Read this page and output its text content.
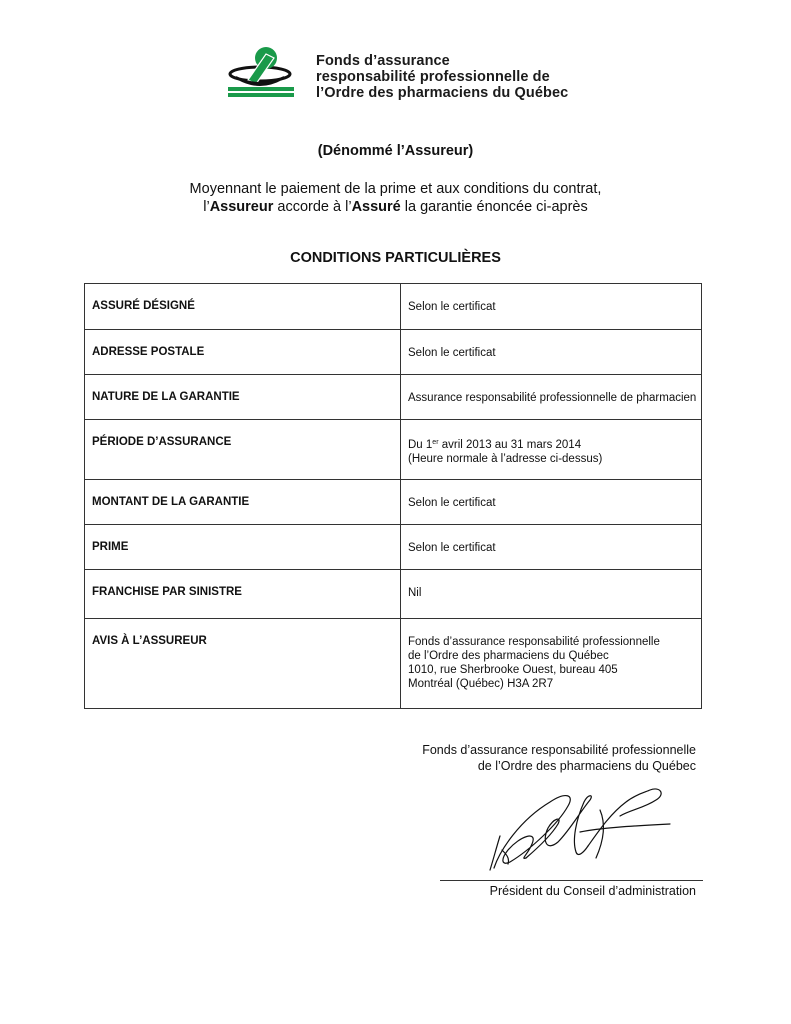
Fonds d’assurance
responsabilité professionnelle de
l’Ordre des pharmaciens du Québec
(Dénommé l’Assureur)
Moyennant le paiement de la prime et aux conditions du contrat,
l’Assureur accorde à l’Assuré la garantie énoncée ci-après
CONDITIONS PARTICULIÈRES
ASSURÉ DÉSIGNÉ	Selon le certificat

ADRESSE POSTALE	Selon le certificat

NATURE DE LA GARANTIE	Assurance responsabilité professionnelle de pharmacien

PÉRIODE D’ASSURANCE	Du 1er avril 2013 au 31 mars 2014
(Heure normale à l’adresse ci-dessus)

MONTANT DE LA GARANTIE	Selon le certificat

PRIME	Selon le certificat

FRANCHISE PAR SINISTRE	Nil

AVIS À L’ASSUREUR	Fonds d’assurance responsabilité professionnelle
de l’Ordre des pharmaciens du Québec
1010, rue Sherbrooke Ouest, bureau 405
Montréal (Québec) H3A 2R7
Fonds d’assurance responsabilité professionnelle
de l’Ordre des pharmaciens du Québec
Président du Conseil d’administration
